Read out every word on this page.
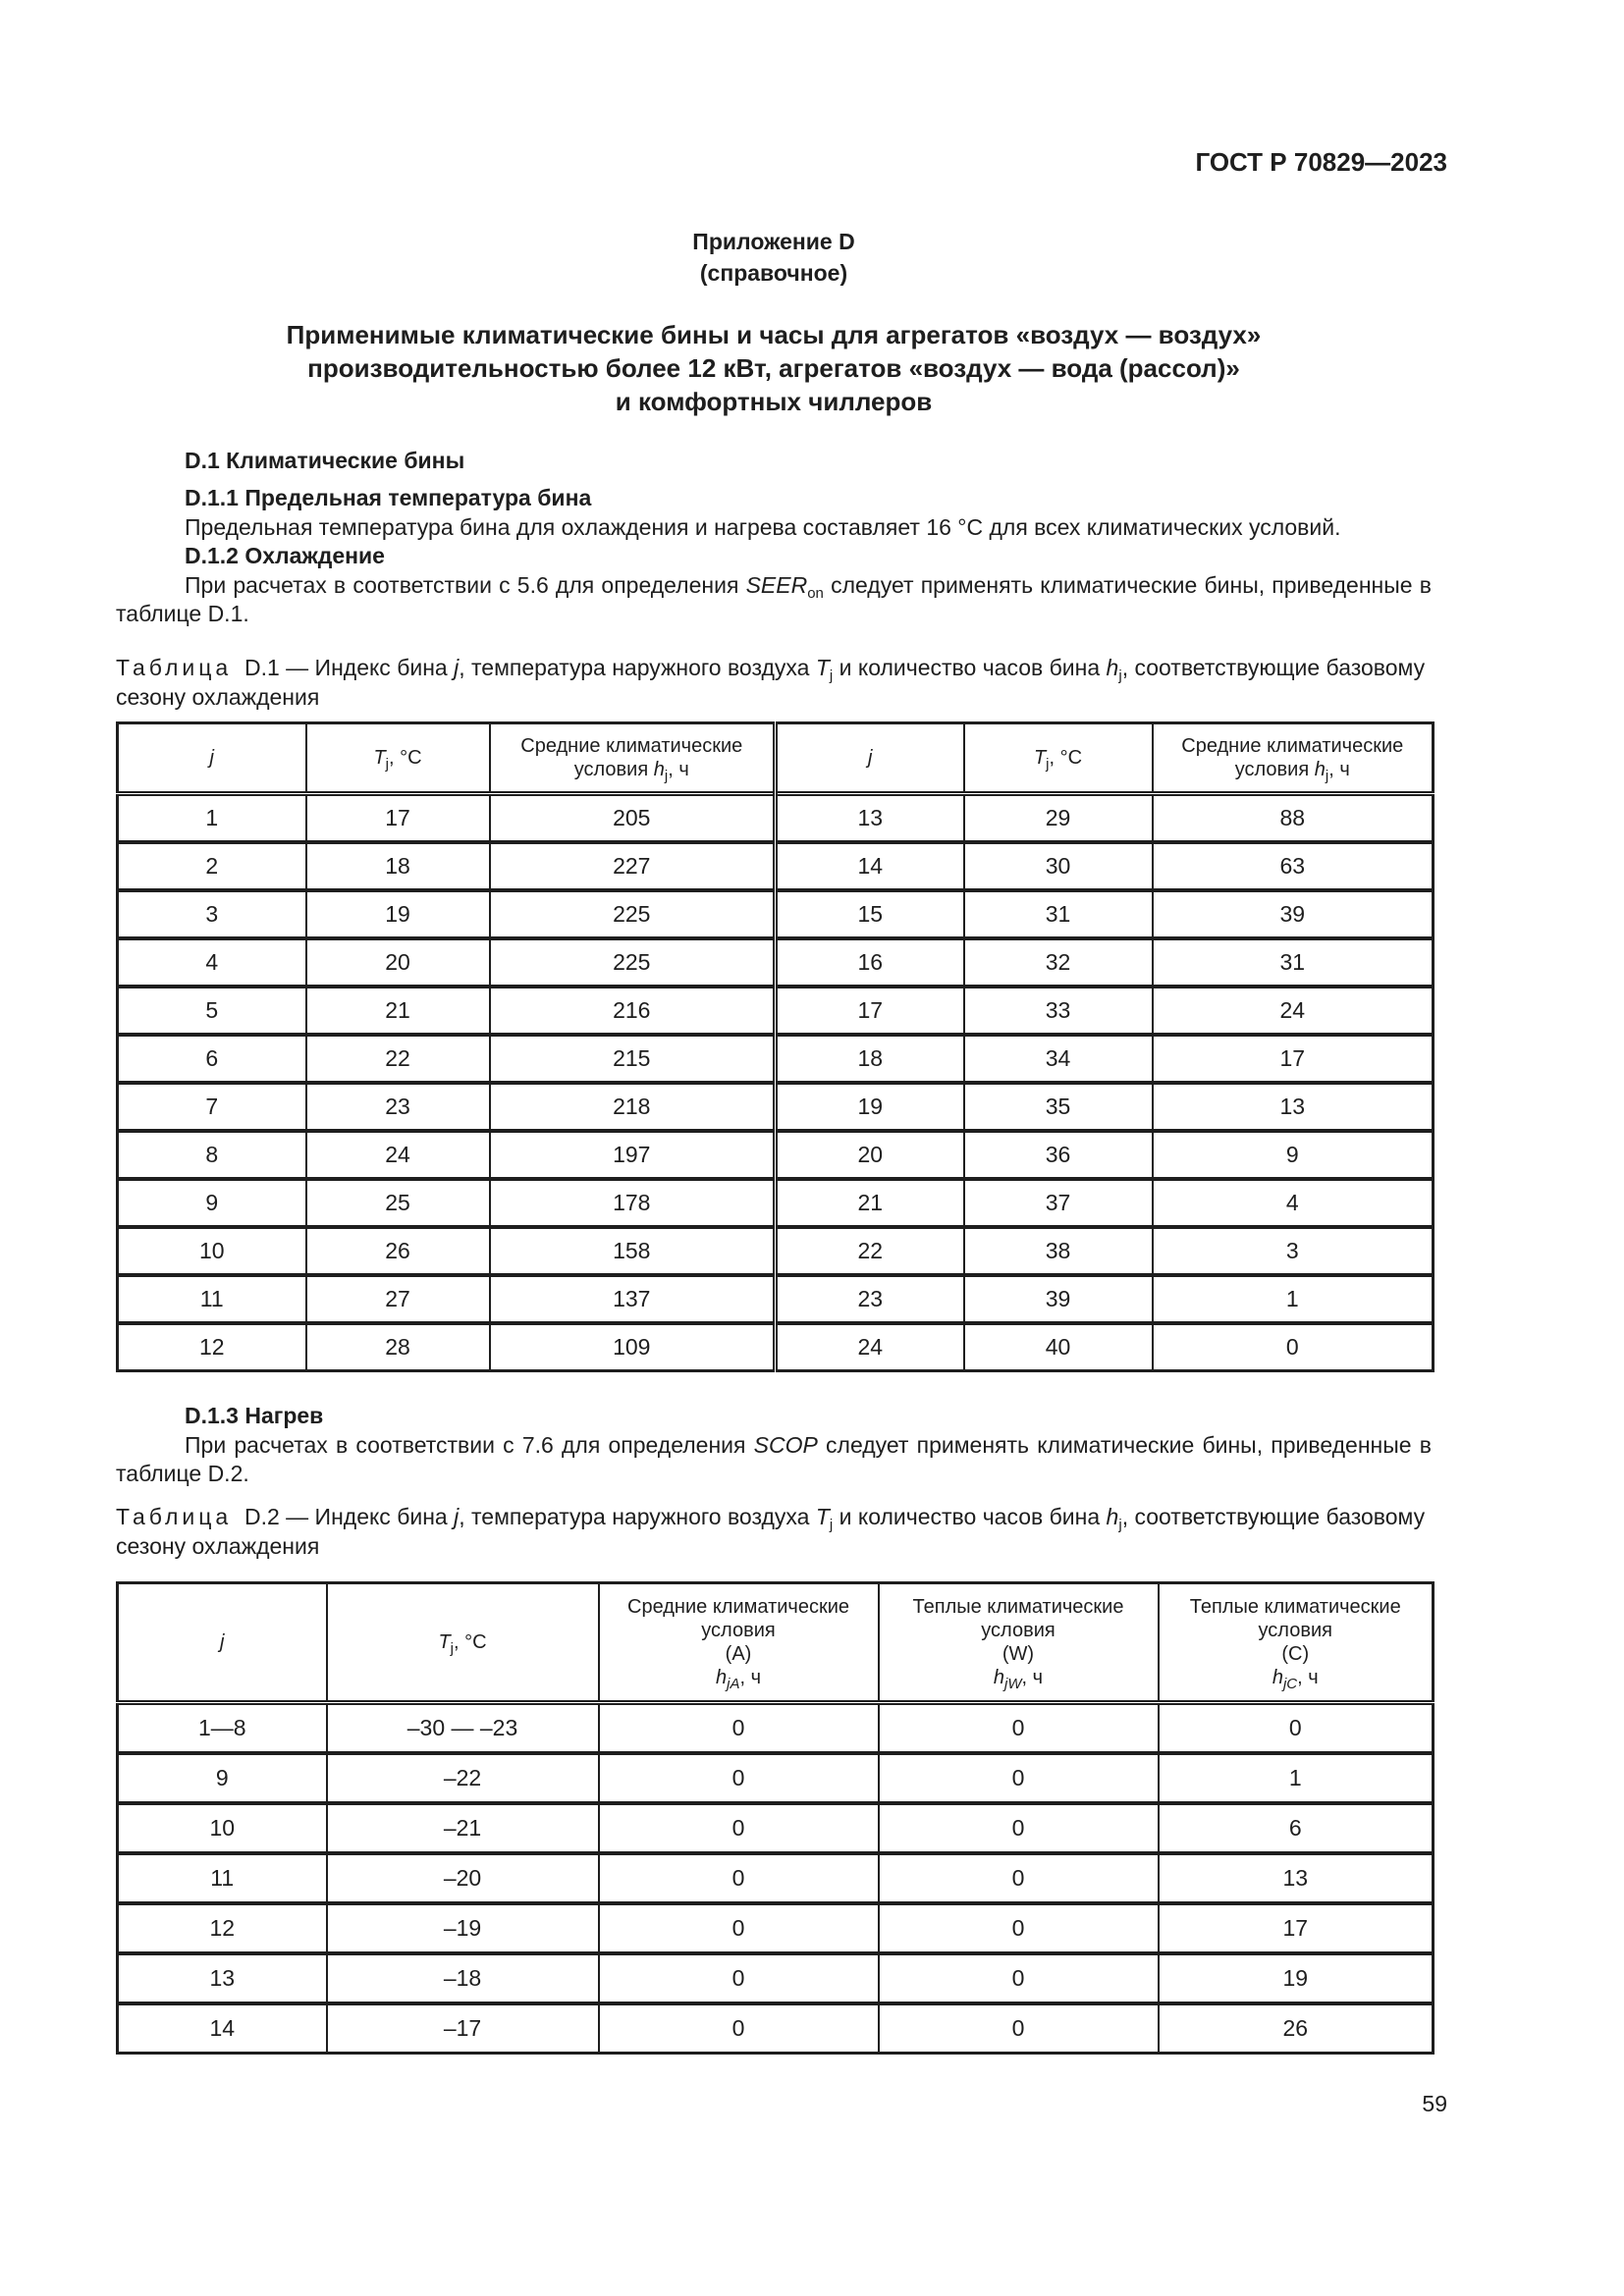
ГОСТ Р 70829—2023
Приложение D
(справочное)
Применимые климатические бины и часы для агрегатов «воздух — воздух»
производительностью более 12 кВт, агрегатов «воздух — вода (рассол)»
и комфортных чиллеров
D.1 Климатические бины
D.1.1 Предельная температура бина
Предельная температура бина для охлаждения и нагрева составляет 16 °С для всех климатических условий.
D.1.2 Охлаждение
При расчетах в соответствии с 5.6 для определения $SEER_{on}$ следует применять климатические бины, приведенные в таблице D.1.
Таблица D.1 — Индекс бина j, температура наружного воздуха $T_j$ и количество часов бина $h_j$, соответствующие базовому сезону охлаждения
j	$T_j$, °С	Средние климатические
условия $h_j$, ч	j	$T_j$, °С	Средние климатические
условия $h_j$, ч
1	17	205	13	29	88
2	18	227	14	30	63
3	19	225	15	31	39
4	20	225	16	32	31
5	21	216	17	33	24
6	22	215	18	34	17
7	23	218	19	35	13
8	24	197	20	36	9
9	25	178	21	37	4
10	26	158	22	38	3
11	27	137	23	39	1
12	28	109	24	40	0
D.1.3 Нагрев
При расчетах в соответствии с 7.6 для определения SCOP следует применять климатические бины, приведенные в таблице D.2.
Таблица D.2 — Индекс бина j, температура наружного воздуха $T_j$ и количество часов бина $h_j$, соответствующие базовому сезону охлаждения
j	$T_j$, °С	Средние климатические
условия
(A)
$h_{jA}$, ч	Теплые климатические
условия
(W)
$h_{jW}$, ч	Теплые климатические
условия
(C)
$h_{jC}$, ч
1—8	–30 — –23	0	0	0
9	–22	0	0	1
10	–21	0	0	6
11	–20	0	0	13
12	–19	0	0	17
13	–18	0	0	19
14	–17	0	0	26
59
